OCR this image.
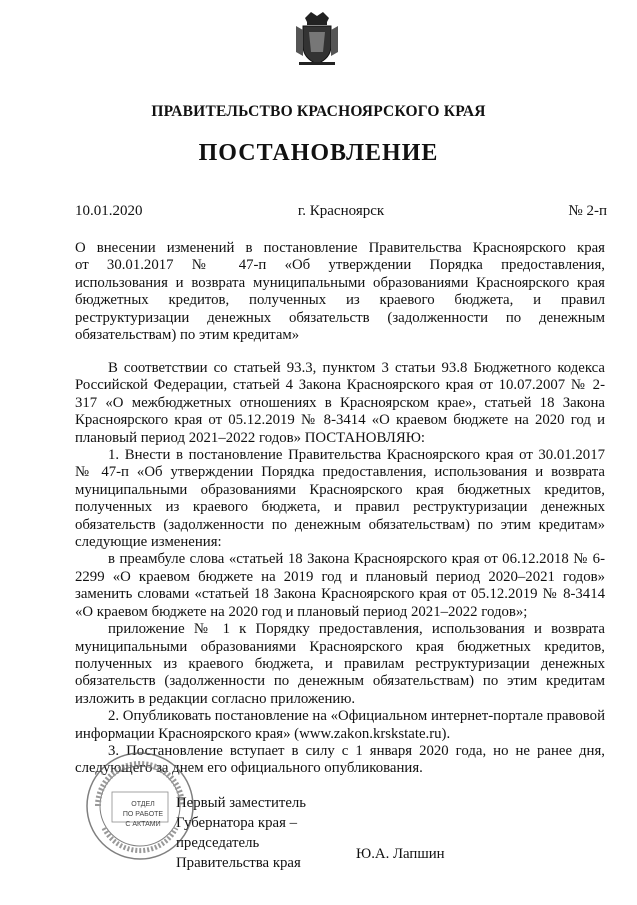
ПРАВИТЕЛЬСТВО КРАСНОЯРСКОГО КРАЯ
ПОСТАНОВЛЕНИЕ
10.01.2020	г. Красноярск	№ 2-п
О внесении изменений в постановление Правительства Красноярского края
от 30.01.2017 № 47-п «Об утверждении Порядка предоставления,
использования и возврата муниципальными образованиями Красноярского края
бюджетных кредитов, полученных из краевого бюджета, и правил
реструктуризации денежных обязательств (задолженности по денежным
обязательствам) по этим кредитам»

В соответствии со статьей 93.3, пунктом 3 статьи 93.8 Бюджетного кодекса Российской Федерации, статьей 4 Закона Красноярского края от 10.07.2007 № 2-317 «О межбюджетных отношениях в Красноярском крае», статьей 18 Закона Красноярского края от 05.12.2019 № 8-3414 «О краевом бюджете на 2020 год и плановый период 2021–2022 годов» ПОСТАНОВЛЯЮ:

1. Внести в постановление Правительства Красноярского края от 30.01.2017 № 47-п «Об утверждении Порядка предоставления, использования и возврата муниципальными образованиями Красноярского края бюджетных кредитов, полученных из краевого бюджета, и правил реструктуризации денежных обязательств (задолженности по денежным обязательствам) по этим кредитам» следующие изменения:

в преамбуле слова «статьей 18 Закона Красноярского края от 06.12.2018 № 6-2299 «О краевом бюджете на 2019 год и плановый период 2020–2021 годов» заменить словами «статьей 18 Закона Красноярского края от 05.12.2019 № 8-3414 «О краевом бюджете на 2020 год и плановый период 2021–2022 годов»;

приложение № 1 к Порядку предоставления, использования и возврата муниципальными образованиями Красноярского края бюджетных кредитов, полученных из краевого бюджета, и правилам реструктуризации денежных обязательств (задолженности по денежным обязательствам) по этим кредитам изложить в редакции согласно приложению.

2. Опубликовать постановление на «Официальном интернет-портале правовой информации Красноярского края» (www.zakon.krskstate.ru).

3. Постановление вступает в силу с 1 января 2020 года, но не ранее дня, следующего за днем его официального опубликования.

ОТДЕЛ
ПО РАБОТЕ
С АКТАМИ
Первый заместитель
Губернатора края –
председатель
Правительства края
Ю.А. Лапшин
